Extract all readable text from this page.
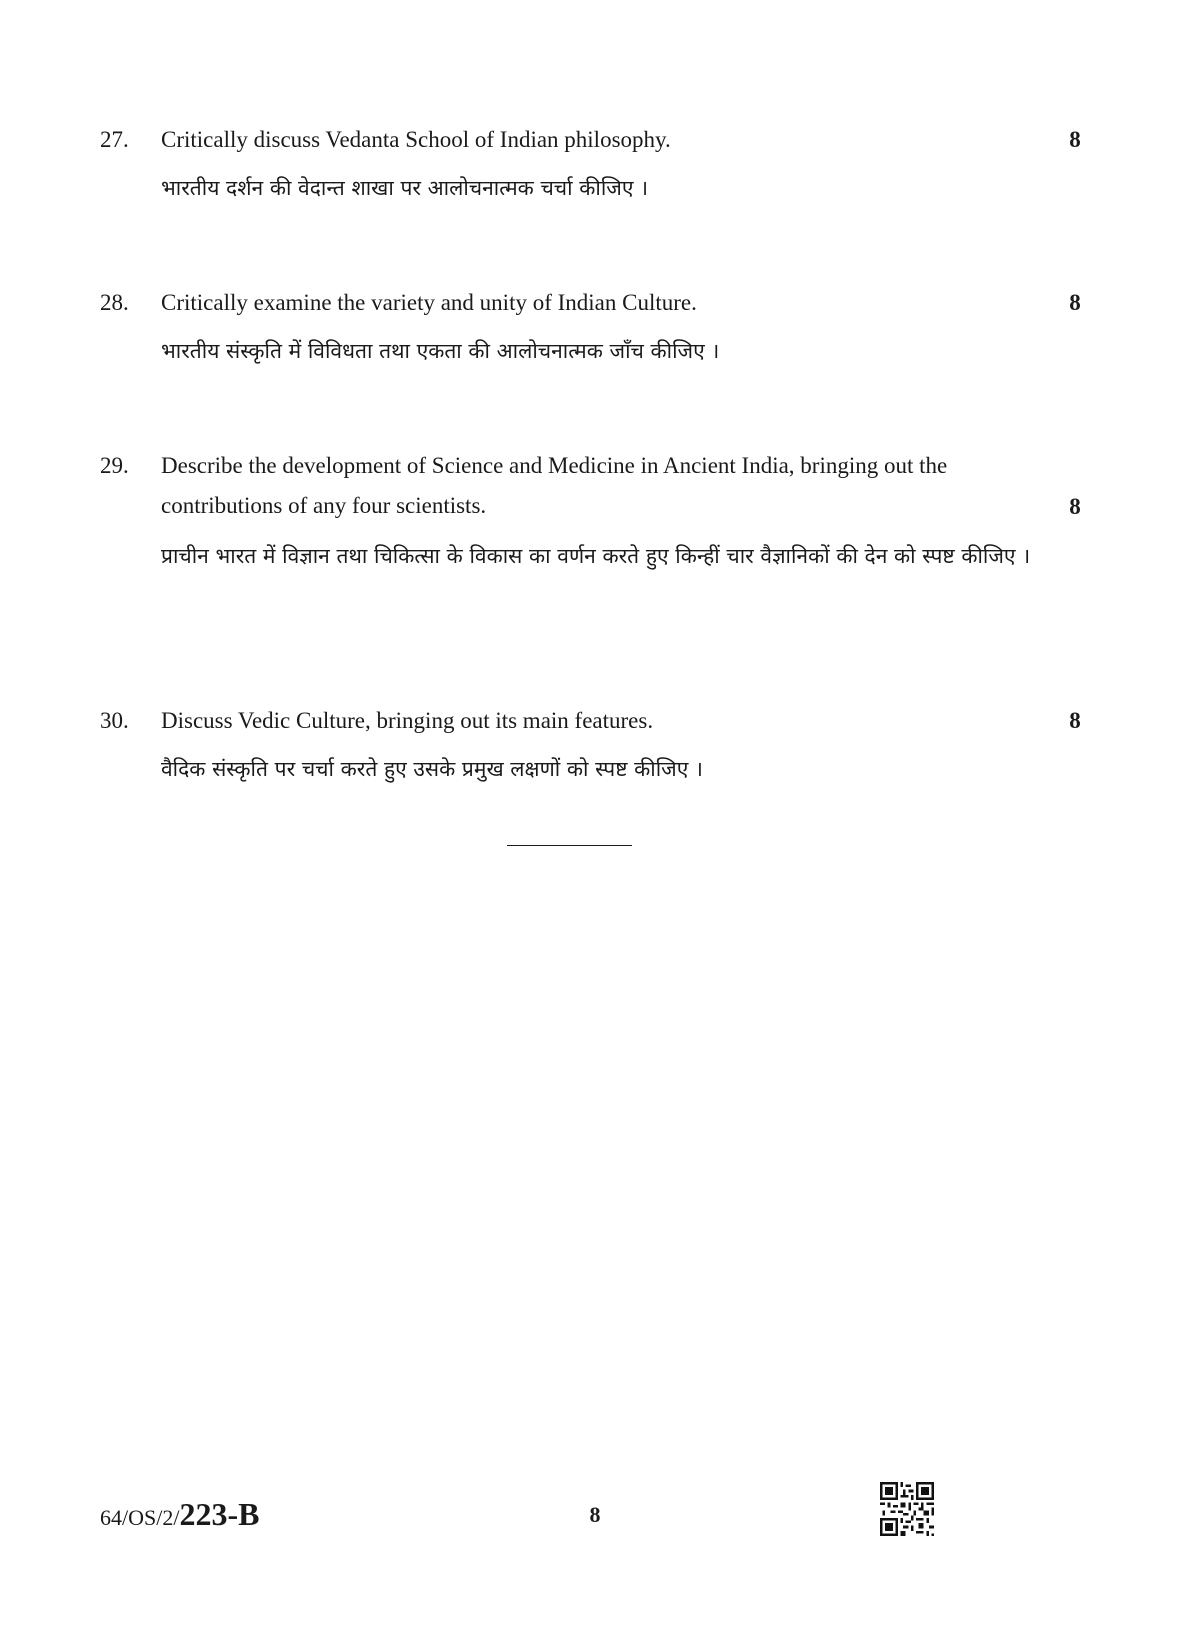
27. Critically discuss Vedanta School of Indian philosophy.	8

भारतीय दर्शन की वेदान्त शाखा पर आलोचनात्मक चर्चा कीजिए ।

28. Critically examine the variety and unity of Indian Culture.	8

भारतीय संस्कृति में विविधता तथा एकता की आलोचनात्मक जाँच कीजिए ।

29. Describe the development of Science and Medicine in Ancient India, bringing out the contributions of any four scientists.	8

प्राचीन भारत में विज्ञान तथा चिकित्सा के विकास का वर्णन करते हुए किन्हीं चार वैज्ञानिकों की देन को स्पष्ट कीजिए ।

30. Discuss Vedic Culture, bringing out its main features.	8

वैदिक संस्कृति पर चर्चा करते हुए उसके प्रमुख लक्षणों को स्पष्ट कीजिए ।

64/OS/2/223-B	8
